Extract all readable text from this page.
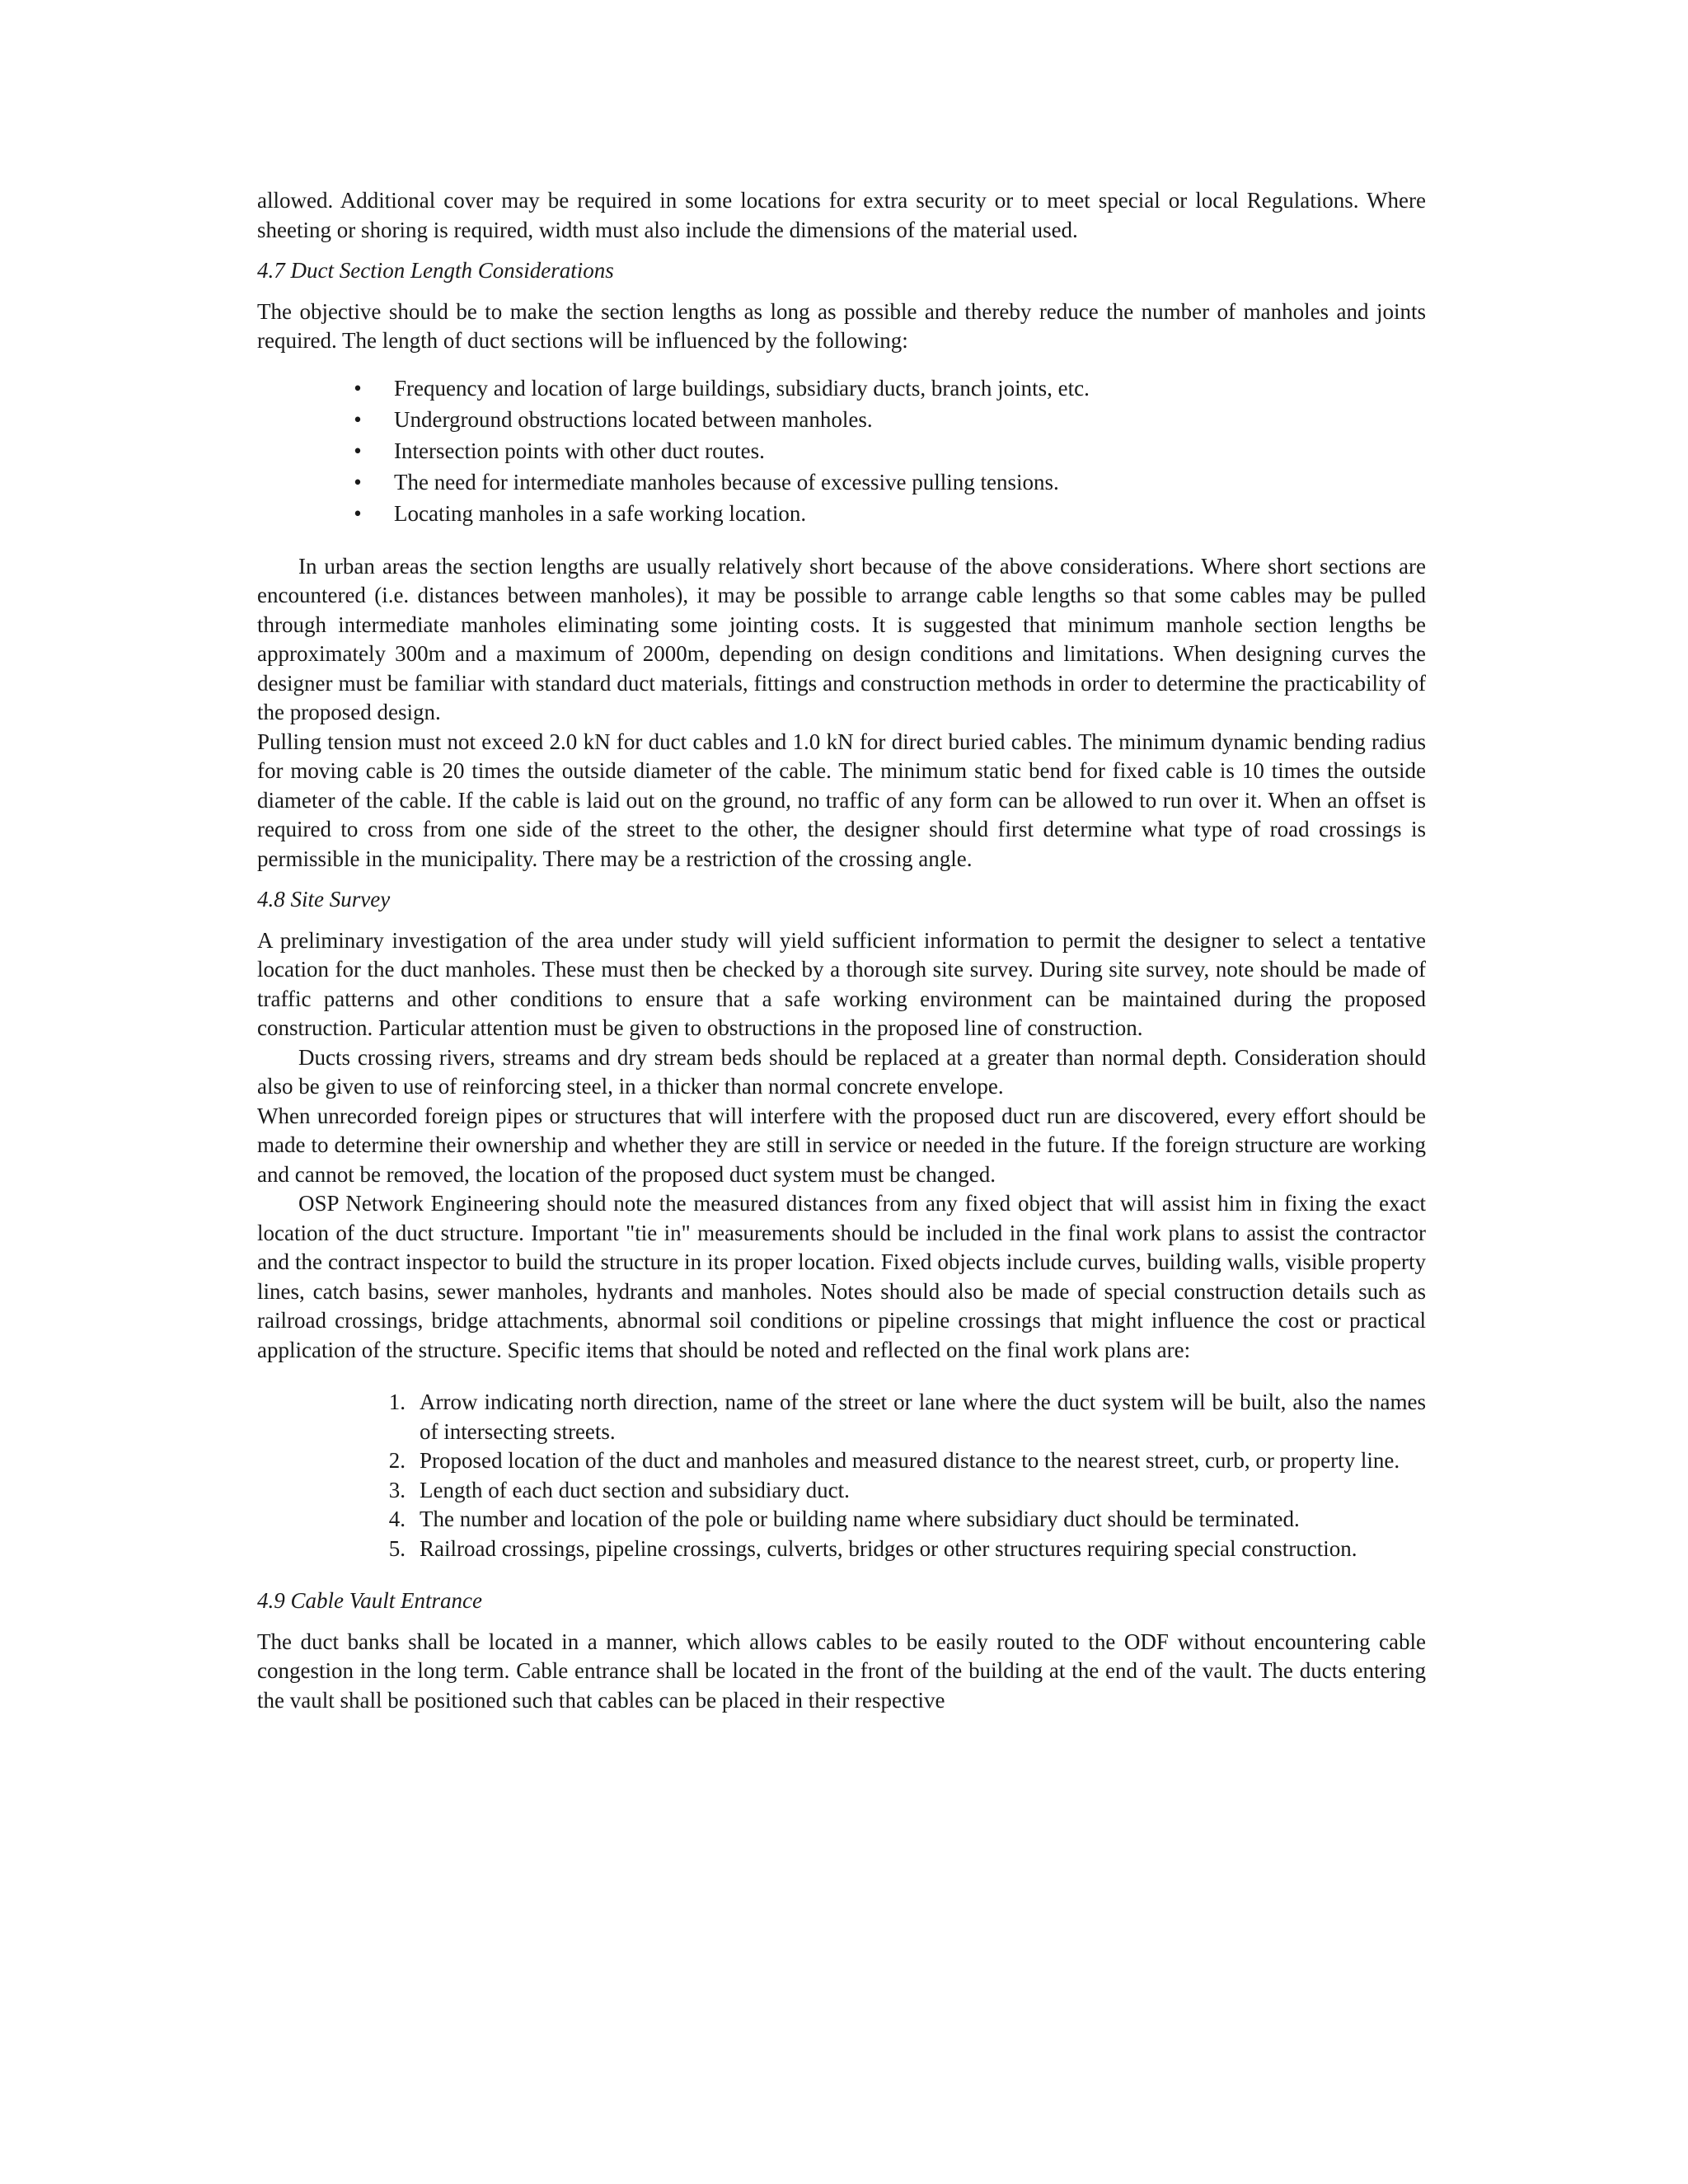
allowed. Additional cover may be required in some locations for extra security or to meet special or local Regulations. Where sheeting or shoring is required, width must also include the dimensions of the material used.

4.7 Duct Section Length Considerations

The objective should be to make the section lengths as long as possible and thereby reduce the number of manholes and joints required. The length of duct sections will be influenced by the following:

• Frequency and location of large buildings, subsidiary ducts, branch joints, etc.
• Underground obstructions located between manholes.
• Intersection points with other duct routes.
• The need for intermediate manholes because of excessive pulling tensions.
• Locating manholes in a safe working location.

In urban areas the section lengths are usually relatively short because of the above considerations. Where short sections are encountered (i.e. distances between manholes), it may be possible to arrange cable lengths so that some cables may be pulled through intermediate manholes eliminating some jointing costs. It is suggested that minimum manhole section lengths be approximately 300m and a maximum of 2000m, depending on design conditions and limitations. When designing curves the designer must be familiar with standard duct materials, fittings and construction methods in order to determine the practicability of the proposed design.

Pulling tension must not exceed 2.0 kN for duct cables and 1.0 kN for direct buried cables. The minimum dynamic bending radius for moving cable is 20 times the outside diameter of the cable. The minimum static bend for fixed cable is 10 times the outside diameter of the cable. If the cable is laid out on the ground, no traffic of any form can be allowed to run over it. When an offset is required to cross from one side of the street to the other, the designer should first determine what type of road crossings is permissible in the municipality. There may be a restriction of the crossing angle.

4.8 Site Survey

A preliminary investigation of the area under study will yield sufficient information to permit the designer to select a tentative location for the duct manholes. These must then be checked by a thorough site survey. During site survey, note should be made of traffic patterns and other conditions to ensure that a safe working environment can be maintained during the proposed construction. Particular attention must be given to obstructions in the proposed line of construction.

Ducts crossing rivers, streams and dry stream beds should be replaced at a greater than normal depth. Consideration should also be given to use of reinforcing steel, in a thicker than normal concrete envelope.

When unrecorded foreign pipes or structures that will interfere with the proposed duct run are discovered, every effort should be made to determine their ownership and whether they are still in service or needed in the future. If the foreign structure are working and cannot be removed, the location of the proposed duct system must be changed.

OSP Network Engineering should note the measured distances from any fixed object that will assist him in fixing the exact location of the duct structure. Important "tie in" measurements should be included in the final work plans to assist the contractor and the contract inspector to build the structure in its proper location. Fixed objects include curves, building walls, visible property lines, catch basins, sewer manholes, hydrants and manholes. Notes should also be made of special construction details such as railroad crossings, bridge attachments, abnormal soil conditions or pipeline crossings that might influence the cost or practical application of the structure. Specific items that should be noted and reflected on the final work plans are:

1. Arrow indicating north direction, name of the street or lane where the duct system will be built, also the names of intersecting streets.
2. Proposed location of the duct and manholes and measured distance to the nearest street, curb, or property line.
3. Length of each duct section and subsidiary duct.
4. The number and location of the pole or building name where subsidiary duct should be terminated.
5. Railroad crossings, pipeline crossings, culverts, bridges or other structures requiring special construction.
4.9 Cable Vault Entrance

The duct banks shall be located in a manner, which allows cables to be easily routed to the ODF without encountering cable congestion in the long term. Cable entrance shall be located in the front of the building at the end of the vault. The ducts entering the vault shall be positioned such that cables can be placed in their respective
